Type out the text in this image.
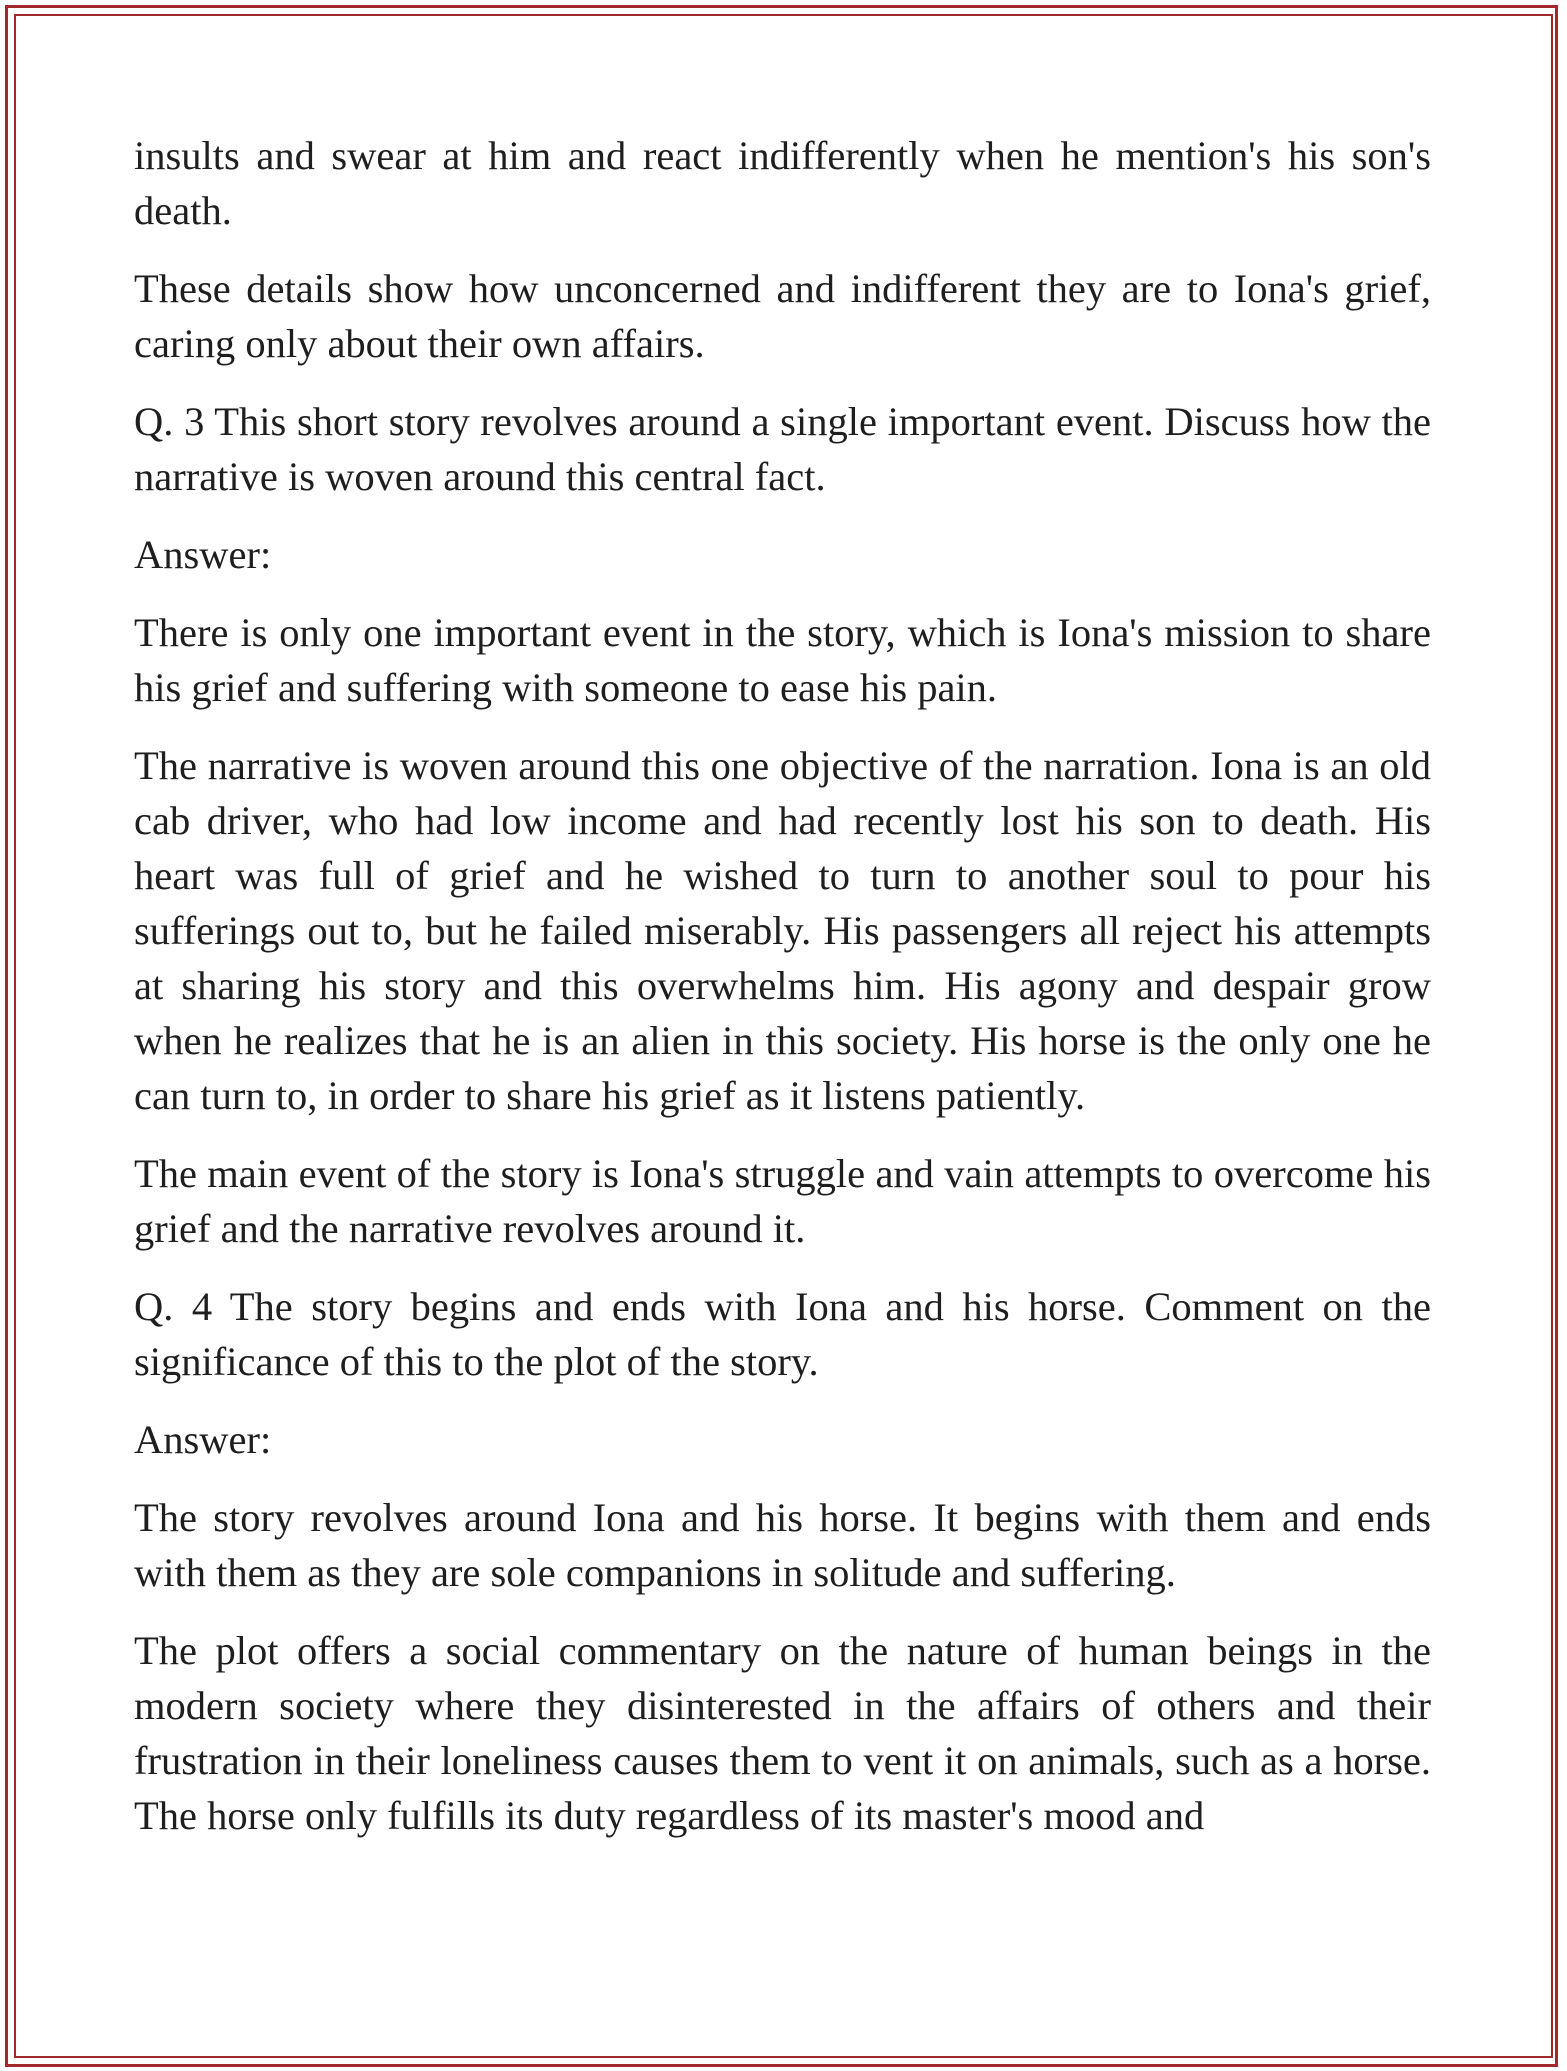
insults and swear at him and react indifferently when he mention's his son's death.

These details show how unconcerned and indifferent they are to Iona's grief, caring only about their own affairs.

Q. 3 This short story revolves around a single important event. Discuss how the narrative is woven around this central fact.

Answer:

There is only one important event in the story, which is Iona's mission to share his grief and suffering with someone to ease his pain.

The narrative is woven around this one objective of the narration. Iona is an old cab driver, who had low income and had recently lost his son to death. His heart was full of grief and he wished to turn to another soul to pour his sufferings out to, but he failed miserably. His passengers all reject his attempts at sharing his story and this overwhelms him. His agony and despair grow when he realizes that he is an alien in this society. His horse is the only one he can turn to, in order to share his grief as it listens patiently.

The main event of the story is Iona's struggle and vain attempts to overcome his grief and the narrative revolves around it.

Q. 4 The story begins and ends with Iona and his horse. Comment on the significance of this to the plot of the story.

Answer:

The story revolves around Iona and his horse. It begins with them and ends with them as they are sole companions in solitude and suffering.

The plot offers a social commentary on the nature of human beings in the modern society where they disinterested in the affairs of others and their frustration in their loneliness causes them to vent it on animals, such as a horse. The horse only fulfills its duty regardless of its master's mood and
